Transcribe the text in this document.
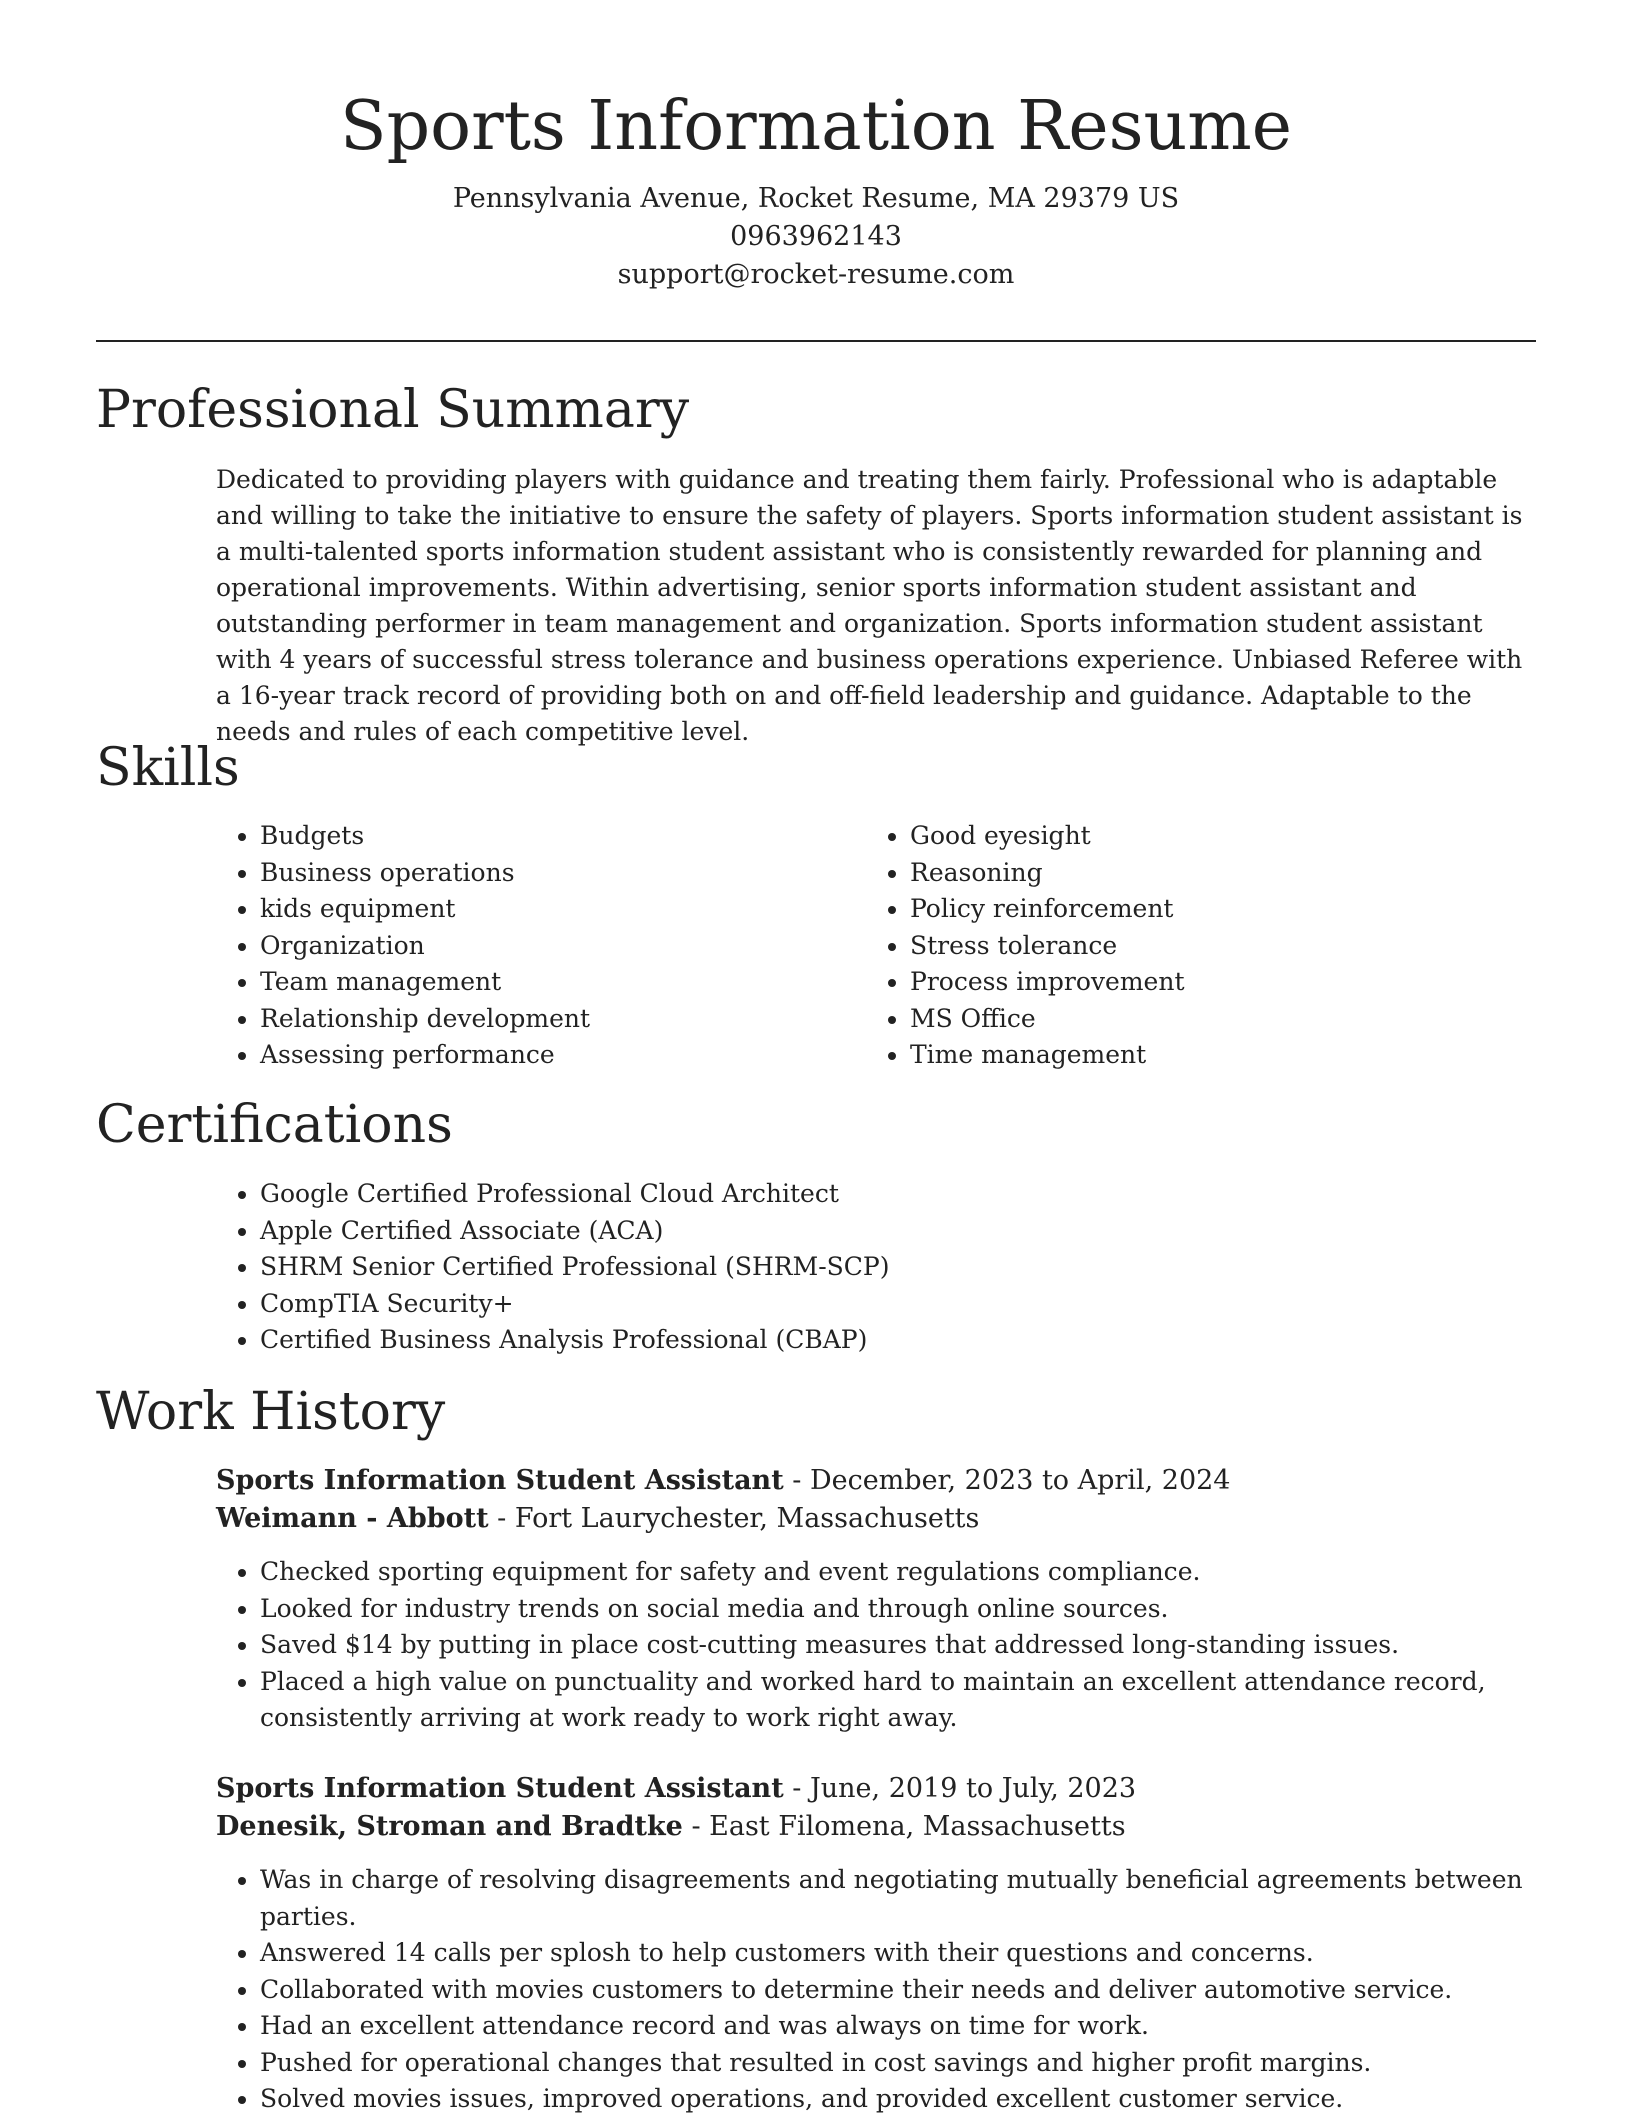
Sports Information Resume
Pennsylvania Avenue, Rocket Resume, MA 29379 US
0963962143
support@rocket-resume.com
Professional Summary
Dedicated to providing players with guidance and treating them fairly. Professional who is adaptable and willing to take the initiative to ensure the safety of players. Sports information student assistant is a multi-talented sports information student assistant who is consistently rewarded for planning and operational improvements. Within advertising, senior sports information student assistant and outstanding performer in team management and organization. Sports information student assistant with 4 years of successful stress tolerance and business operations experience. Unbiased Referee with a 16-year track record of providing both on and off-field leadership and guidance. Adaptable to the needs and rules of each competitive level.
Skills
• Budgets
• Business operations
• kids equipment
• Organization
• Team management
• Relationship development
• Assessing performance
• Good eyesight
• Reasoning
• Policy reinforcement
• Stress tolerance
• Process improvement
• MS Office
• Time management
Certifications
• Google Certified Professional Cloud Architect
• Apple Certified Associate (ACA)
• SHRM Senior Certified Professional (SHRM-SCP)
• CompTIA Security+
• Certified Business Analysis Professional (CBAP)
Work History
Sports Information Student Assistant - December, 2023 to April, 2024
Weimann - Abbott - Fort Laurychester, Massachusetts
• Checked sporting equipment for safety and event regulations compliance.
• Looked for industry trends on social media and through online sources.
• Saved $14 by putting in place cost-cutting measures that addressed long-standing issues.
• Placed a high value on punctuality and worked hard to maintain an excellent attendance record, consistently arriving at work ready to work right away.
Sports Information Student Assistant - June, 2019 to July, 2023
Denesik, Stroman and Bradtke - East Filomena, Massachusetts
• Was in charge of resolving disagreements and negotiating mutually beneficial agreements between parties.
• Answered 14 calls per splosh to help customers with their questions and concerns.
• Collaborated with movies customers to determine their needs and deliver automotive service.
• Had an excellent attendance record and was always on time for work.
• Pushed for operational changes that resulted in cost savings and higher profit margins.
• Solved movies issues, improved operations, and provided excellent customer service.
